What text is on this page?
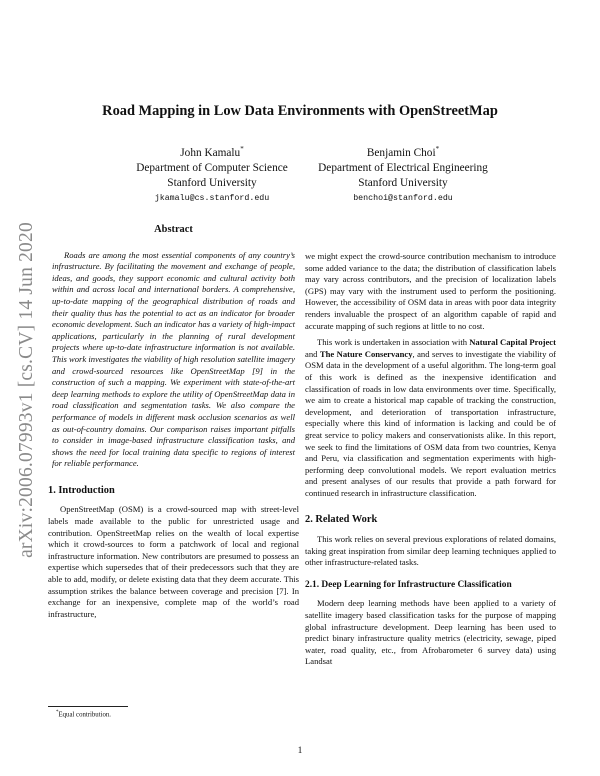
arXiv:2006.07993v1 [cs.CV] 14 Jun 2020
Road Mapping in Low Data Environments with OpenStreetMap
John Kamalu*
Department of Computer Science
Stanford University
jkamalu@cs.stanford.edu
Benjamin Choi*
Department of Electrical Engineering
Stanford University
benchoi@stanford.edu
Abstract

Roads are among the most essential components of any country’s infrastructure. By facilitating the movement and exchange of people, ideas, and goods, they support economic and cultural activity both within and across local and international borders. A comprehensive, up-to-date mapping of the geographical distribution of roads and their quality thus has the potential to act as an indicator for broader economic development. Such an indicator has a variety of high-impact applications, particularly in the planning of rural development projects where up-to-date infrastructure information is not available. This work investigates the viability of high resolution satellite imagery and crowd-sourced resources like OpenStreetMap [9] in the construction of such a mapping. We experiment with state-of-the-art deep learning methods to explore the utility of OpenStreetMap data in road classification and segmentation tasks. We also compare the performance of models in different mask occlusion scenarios as well as out-of-country domains. Our comparison raises important pitfalls to consider in image-based infrastructure classification tasks, and shows the need for local training data specific to regions of interest for reliable performance.

1. Introduction

OpenStreetMap (OSM) is a crowd-sourced map with street-level labels made available to the public for unrestricted usage and contribution. OpenStreetMap relies on the wealth of local expertise which it crowd-sources to form a patchwork of local and regional infrastructure information. New contributors are presumed to possess an expertise which supersedes that of their predecessors such that they are able to add, modify, or delete existing data that they deem accurate. This assumption strikes the balance between coverage and precision [7]. In exchange for an inexpensive, complete map of the world’s road infrastructure,

we might expect the crowd-source contribution mechanism to introduce some added variance to the data; the distribution of classification labels may vary across contributors, and the precision of localization labels (GPS) may vary with the instrument used to perform the positioning. However, the accessibility of OSM data in areas with poor data integrity renders invaluable the prospect of an algorithm capable of rapid and accurate mapping of such regions at little to no cost.

This work is undertaken in association with Natural Capital Project and The Nature Conservancy, and serves to investigate the viability of OSM data in the development of a useful algorithm. The long-term goal of this work is defined as the inexpensive identification and classification of roads in low data environments over time. Specifically, we aim to create a historical map capable of tracking the construction, development, and deterioration of transportation infrastructure, especially where this kind of information is lacking and could be of great service to policy makers and conservationists alike. In this report, we seek to find the limitations of OSM data from two countries, Kenya and Peru, via classification and segmentation experiments with high-performing deep convolutional models. We report evaluation metrics and present analyses of our results that provide a path forward for continued research in infrastructure classification.

2. Related Work

This work relies on several previous explorations of related domains, taking great inspiration from similar deep learning techniques applied to other infrastructure-related tasks.

2.1. Deep Learning for Infrastructure Classification

Modern deep learning methods have been applied to a variety of satellite imagery based classification tasks for the purpose of mapping global infrastructure development. Deep learning has been used to predict binary infrastructure quality metrics (electricity, sewage, piped water, road quality, etc., from Afrobarometer 6 survey data) using Landsat

*Equal contribution.
1
